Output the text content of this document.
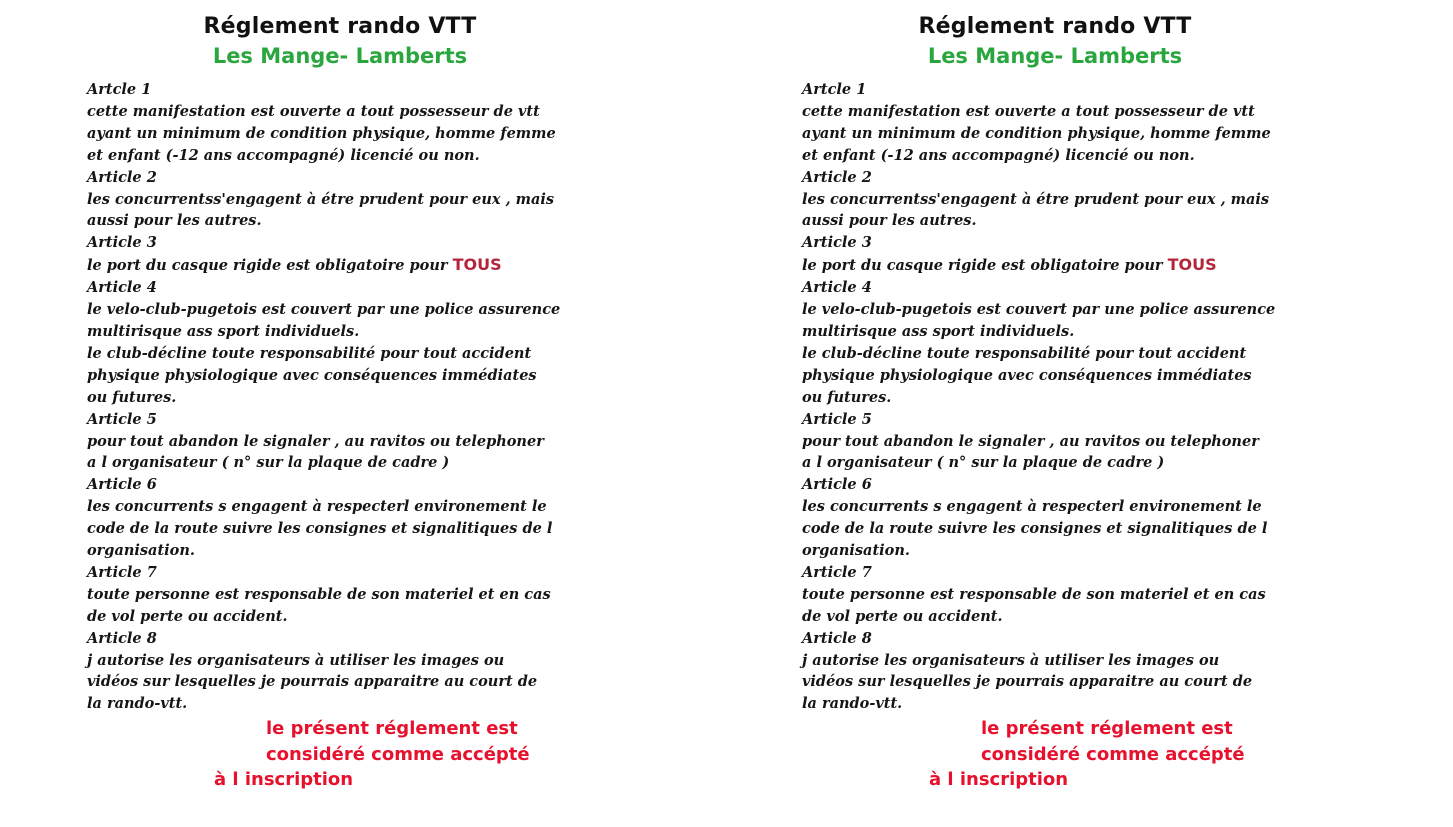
Réglement rando VTT
Les Mange- Lamberts
Artcle 1
cette manifestation est ouverte a tout possesseur de vtt
ayant un minimum de condition physique, homme femme
et enfant (-12 ans accompagné) licencié ou non.
Article 2
les concurrentss'engagent à étre prudent pour eux , mais
aussi pour les autres.
Article 3
le port du casque rigide est obligatoire pour TOUS
Article 4
le velo-club-pugetois est couvert par une police assurence
multirisque ass sport individuels.
le club-décline toute responsabilité pour tout accident
physique physiologique avec conséquences immédiates
ou futures.
Article 5
pour tout abandon le signaler , au ravitos ou telephoner
a l organisateur ( n° sur la plaque de cadre )
Article 6
les concurrents s engagent à respecterl environement le
code de la route suivre les consignes et signalitiques de l
organisation.
Article 7
toute personne est responsable de son materiel et en cas
de vol perte ou accident.
Article 8
j autorise les organisateurs à utiliser les images ou
vidéos sur lesquelles je pourrais apparaitre au court de
la rando-vtt.
le présent réglement est
considéré comme accépté
à l inscription
Réglement rando VTT
Les Mange- Lamberts
Artcle 1
cette manifestation est ouverte a tout possesseur de vtt
ayant un minimum de condition physique, homme femme
et enfant (-12 ans accompagné) licencié ou non.
Article 2
les concurrentss'engagent à étre prudent pour eux , mais
aussi pour les autres.
Article 3
le port du casque rigide est obligatoire pour TOUS
Article 4
le velo-club-pugetois est couvert par une police assurence
multirisque ass sport individuels.
le club-décline toute responsabilité pour tout accident
physique physiologique avec conséquences immédiates
ou futures.
Article 5
pour tout abandon le signaler , au ravitos ou telephoner
a l organisateur ( n° sur la plaque de cadre )
Article 6
les concurrents s engagent à respecterl environement le
code de la route suivre les consignes et signalitiques de l
organisation.
Article 7
toute personne est responsable de son materiel et en cas
de vol perte ou accident.
Article 8
j autorise les organisateurs à utiliser les images ou
vidéos sur lesquelles je pourrais apparaitre au court de
la rando-vtt.
le présent réglement est
considéré comme accépté
à l inscription
